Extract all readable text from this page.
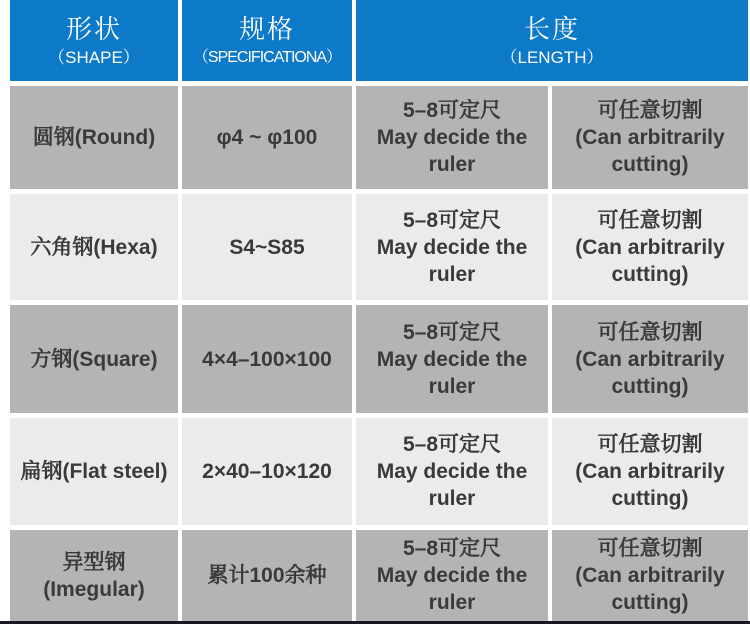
形状
（SHAPE）
规格
（SPECIFICATIONA）
长度
（LENGTH）
圆钢(Round)	φ4 ~ φ100
5–8可定尺
May decide the
ruler
可任意切割
(Can arbitrarily
cutting)
六角钢(Hexa)	S4~S85
5–8可定尺
May decide the
ruler
可任意切割
(Can arbitrarily
cutting)
方钢(Square) 4×4–100×100
5–8可定尺
May decide the
ruler
可任意切割
(Can arbitrarily
cutting)
扁钢(Flat steel) 2×40–10×120
5–8可定尺
May decide the
ruler
可任意切割
(Can arbitrarily
cutting)
异型钢
(Imegular)
累计100余种
5–8可定尺
May decide the
ruler
可任意切割
(Can arbitrarily
cutting)
